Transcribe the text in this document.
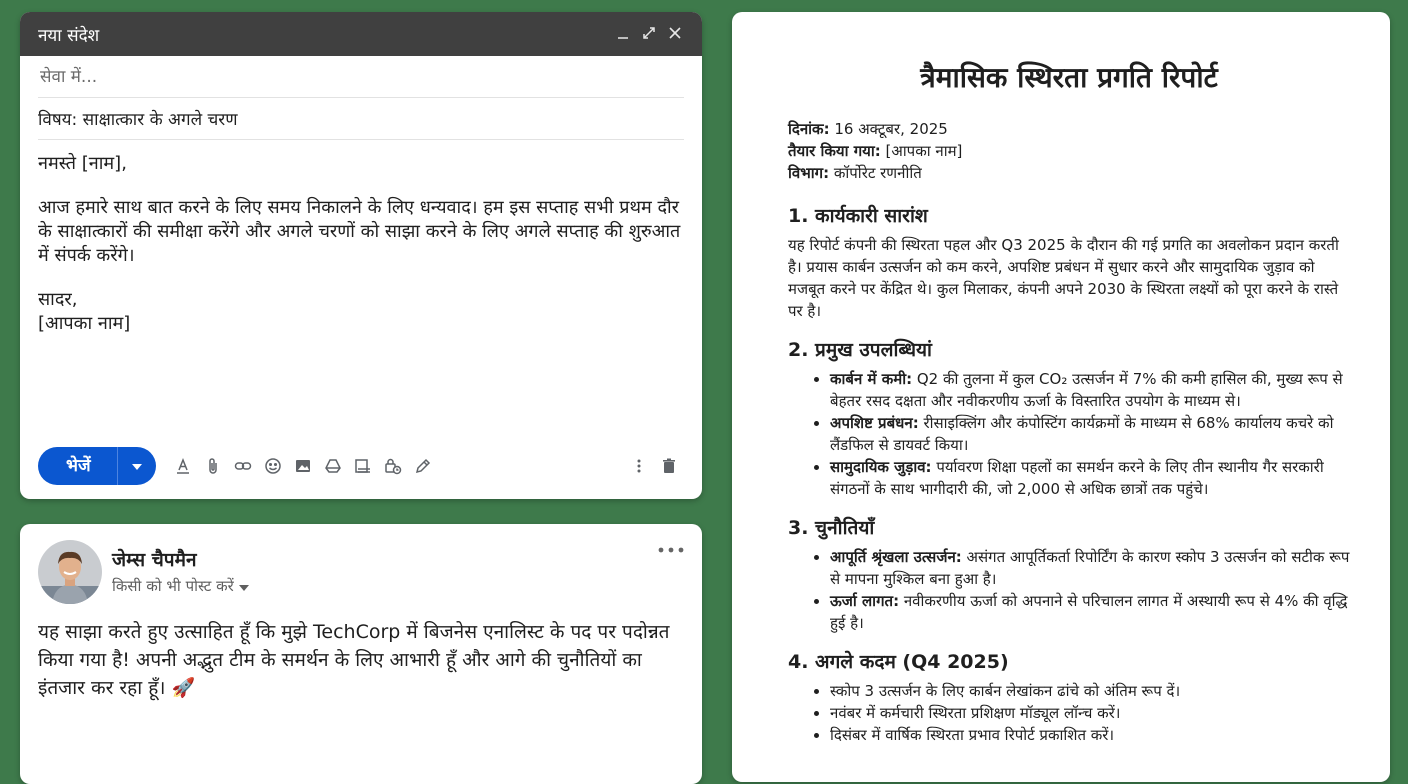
नया संदेश
सेवा में...
विषय: साक्षात्कार के अगले चरण

नमस्ते [नाम],

आज हमारे साथ बात करने के लिए समय निकालने के लिए धन्यवाद। हम इस सप्ताह सभी प्रथम दौर के साक्षात्कारों की समीक्षा करेंगे और अगले चरणों को साझा करने के लिए अगले सप्ताह की शुरुआत में संपर्क करेंगे।

सादर,

[आपका नाम]

भेजें
जेम्स चैपमैन
किसी को भी पोस्ट करें
यह साझा करते हुए उत्साहित हूँ कि मुझे TechCorp में बिजनेस एनालिस्ट के पद पर पदोन्नत किया गया है! अपनी अद्भुत टीम के समर्थन के लिए आभारी हूँ और आगे की चुनौतियों का इंतजार कर रहा हूँ। 🚀
त्रैमासिक स्थिरता प्रगति रिपोर्ट
दिनांक: 16 अक्टूबर, 2025
तैयार किया गया: [आपका नाम]
विभाग: कॉर्पोरेट रणनीति
1. कार्यकारी सारांश
यह रिपोर्ट कंपनी की स्थिरता पहल और Q3 2025 के दौरान की गई प्रगति का अवलोकन प्रदान करती है। प्रयास कार्बन उत्सर्जन को कम करने, अपशिष्ट प्रबंधन में सुधार करने और सामुदायिक जुड़ाव को मजबूत करने पर केंद्रित थे। कुल मिलाकर, कंपनी अपने 2030 के स्थिरता लक्ष्यों को पूरा करने के रास्ते पर है।
2. प्रमुख उपलब्धियां
• कार्बन में कमी: Q2 की तुलना में कुल CO₂ उत्सर्जन में 7% की कमी हासिल की, मुख्य रूप से बेहतर रसद दक्षता और नवीकरणीय ऊर्जा के विस्तारित उपयोग के माध्यम से।
• अपशिष्ट प्रबंधन: रीसाइक्लिंग और कंपोस्टिंग कार्यक्रमों के माध्यम से 68% कार्यालय कचरे को लैंडफिल से डायवर्ट किया।
• सामुदायिक जुड़ाव: पर्यावरण शिक्षा पहलों का समर्थन करने के लिए तीन स्थानीय गैर सरकारी संगठनों के साथ भागीदारी की, जो 2,000 से अधिक छात्रों तक पहुंचे।
3. चुनौतियाँ
• आपूर्ति श्रृंखला उत्सर्जन: असंगत आपूर्तिकर्ता रिपोर्टिंग के कारण स्कोप 3 उत्सर्जन को सटीक रूप से मापना मुश्किल बना हुआ है।
• ऊर्जा लागत: नवीकरणीय ऊर्जा को अपनाने से परिचालन लागत में अस्थायी रूप से 4% की वृद्धि हुई है।
4. अगले कदम (Q4 2025)
• स्कोप 3 उत्सर्जन के लिए कार्बन लेखांकन ढांचे को अंतिम रूप दें।
• नवंबर में कर्मचारी स्थिरता प्रशिक्षण मॉड्यूल लॉन्च करें।
• दिसंबर में वार्षिक स्थिरता प्रभाव रिपोर्ट प्रकाशित करें।
